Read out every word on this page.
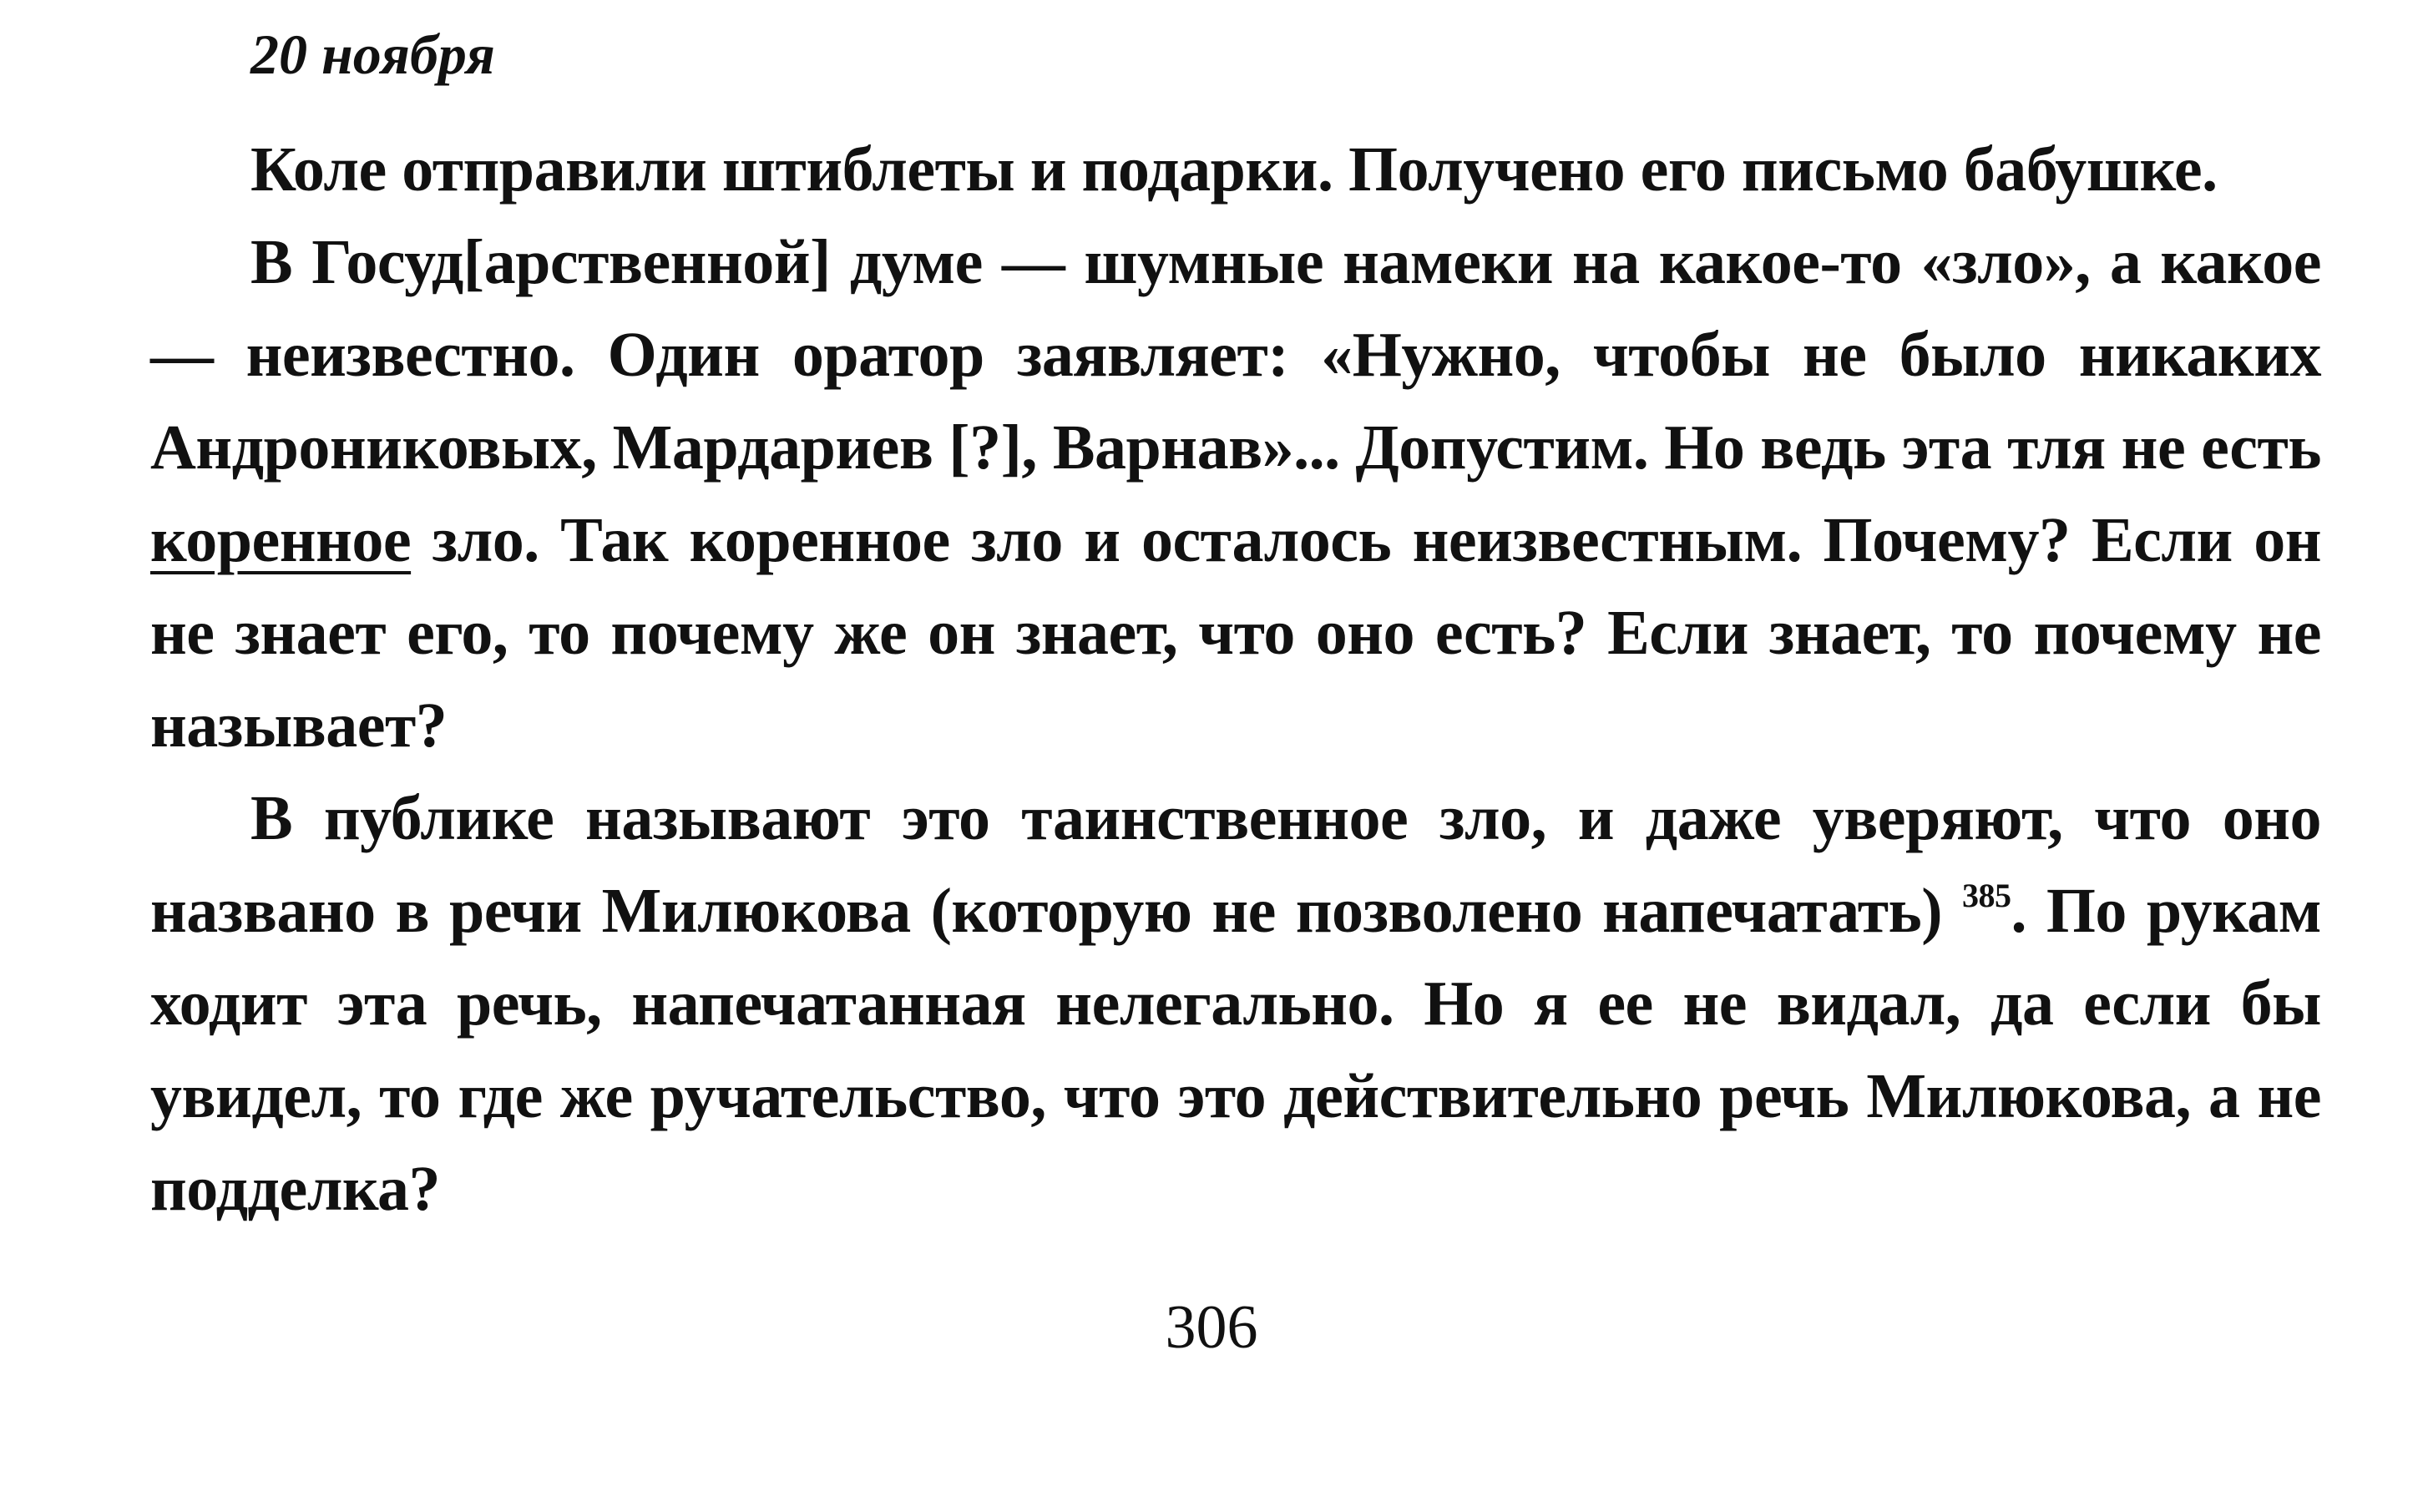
20 ноября

Коле отправили штиблеты и подарки. Получено его письмо бабушке.

В Госуд[арственной] думе — шумные намеки на какое-то «зло», а какое — неизвестно. Один оратор заявляет: «Нужно, чтобы не было никаких Андрониковых, Мардариев [?], Варнав»... Допустим. Но ведь эта тля не есть коренное зло. Так коренное зло и осталось неизвестным. Почему? Если он не знает его, то почему же он знает, что оно есть? Если знает, то почему не называет?

В публике называют это таинственное зло, и даже уверяют, что оно названо в речи Милюкова (которую не позволено напечатать) $^{385}$. По рукам ходит эта речь, напечатанная нелегально. Но я ее не видал, да если бы увидел, то где же ручательство, что это действительно речь Милюкова, а не подделка?

306
